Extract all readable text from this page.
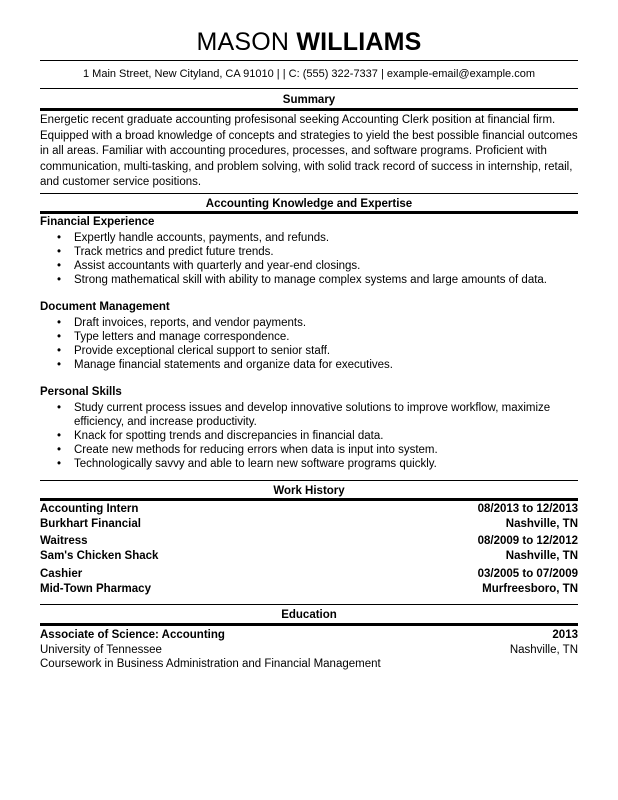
MASON WILLIAMS
1 Main Street, New Cityland, CA 91010 | | C: (555) 322-7337 | example-email@example.com
Summary
Energetic recent graduate accounting profesisonal seeking Accounting Clerk position at financial firm. Equipped with a broad knowledge of concepts and strategies to yield the best possible financial outcomes in all areas. Familiar with accounting procedures, processes, and software programs. Proficient with communication, multi-tasking, and problem solving, with solid track record of success in internship, retail, and customer service positions.
Accounting Knowledge and Expertise
Financial Experience
• Expertly handle accounts, payments, and refunds.
• Track metrics and predict future trends.
• Assist accountants with quarterly and year-end closings.
• Strong mathematical skill with ability to manage complex systems and large amounts of data.
Document Management
• Draft invoices, reports, and vendor payments.
• Type letters and manage correspondence.
• Provide exceptional clerical support to senior staff.
• Manage financial statements and organize data for executives.
Personal Skills
• Study current process issues and develop innovative solutions to improve workflow, maximize efficiency, and increase productivity.
• Knack for spotting trends and discrepancies in financial data.
• Create new methods for reducing errors when data is input into system.
• Technologically savvy and able to learn new software programs quickly.
Work History
Accounting Intern	08/2013 to 12/2013
Burkhart Financial	Nashville, TN
Waitress	08/2009 to 12/2012
Sam's Chicken Shack	Nashville, TN
Cashier	03/2005 to 07/2009
Mid-Town Pharmacy	Murfreesboro, TN
Education
Associate of Science: Accounting	2013
University of Tennessee	Nashville, TN
Coursework in Business Administration and Financial Management
